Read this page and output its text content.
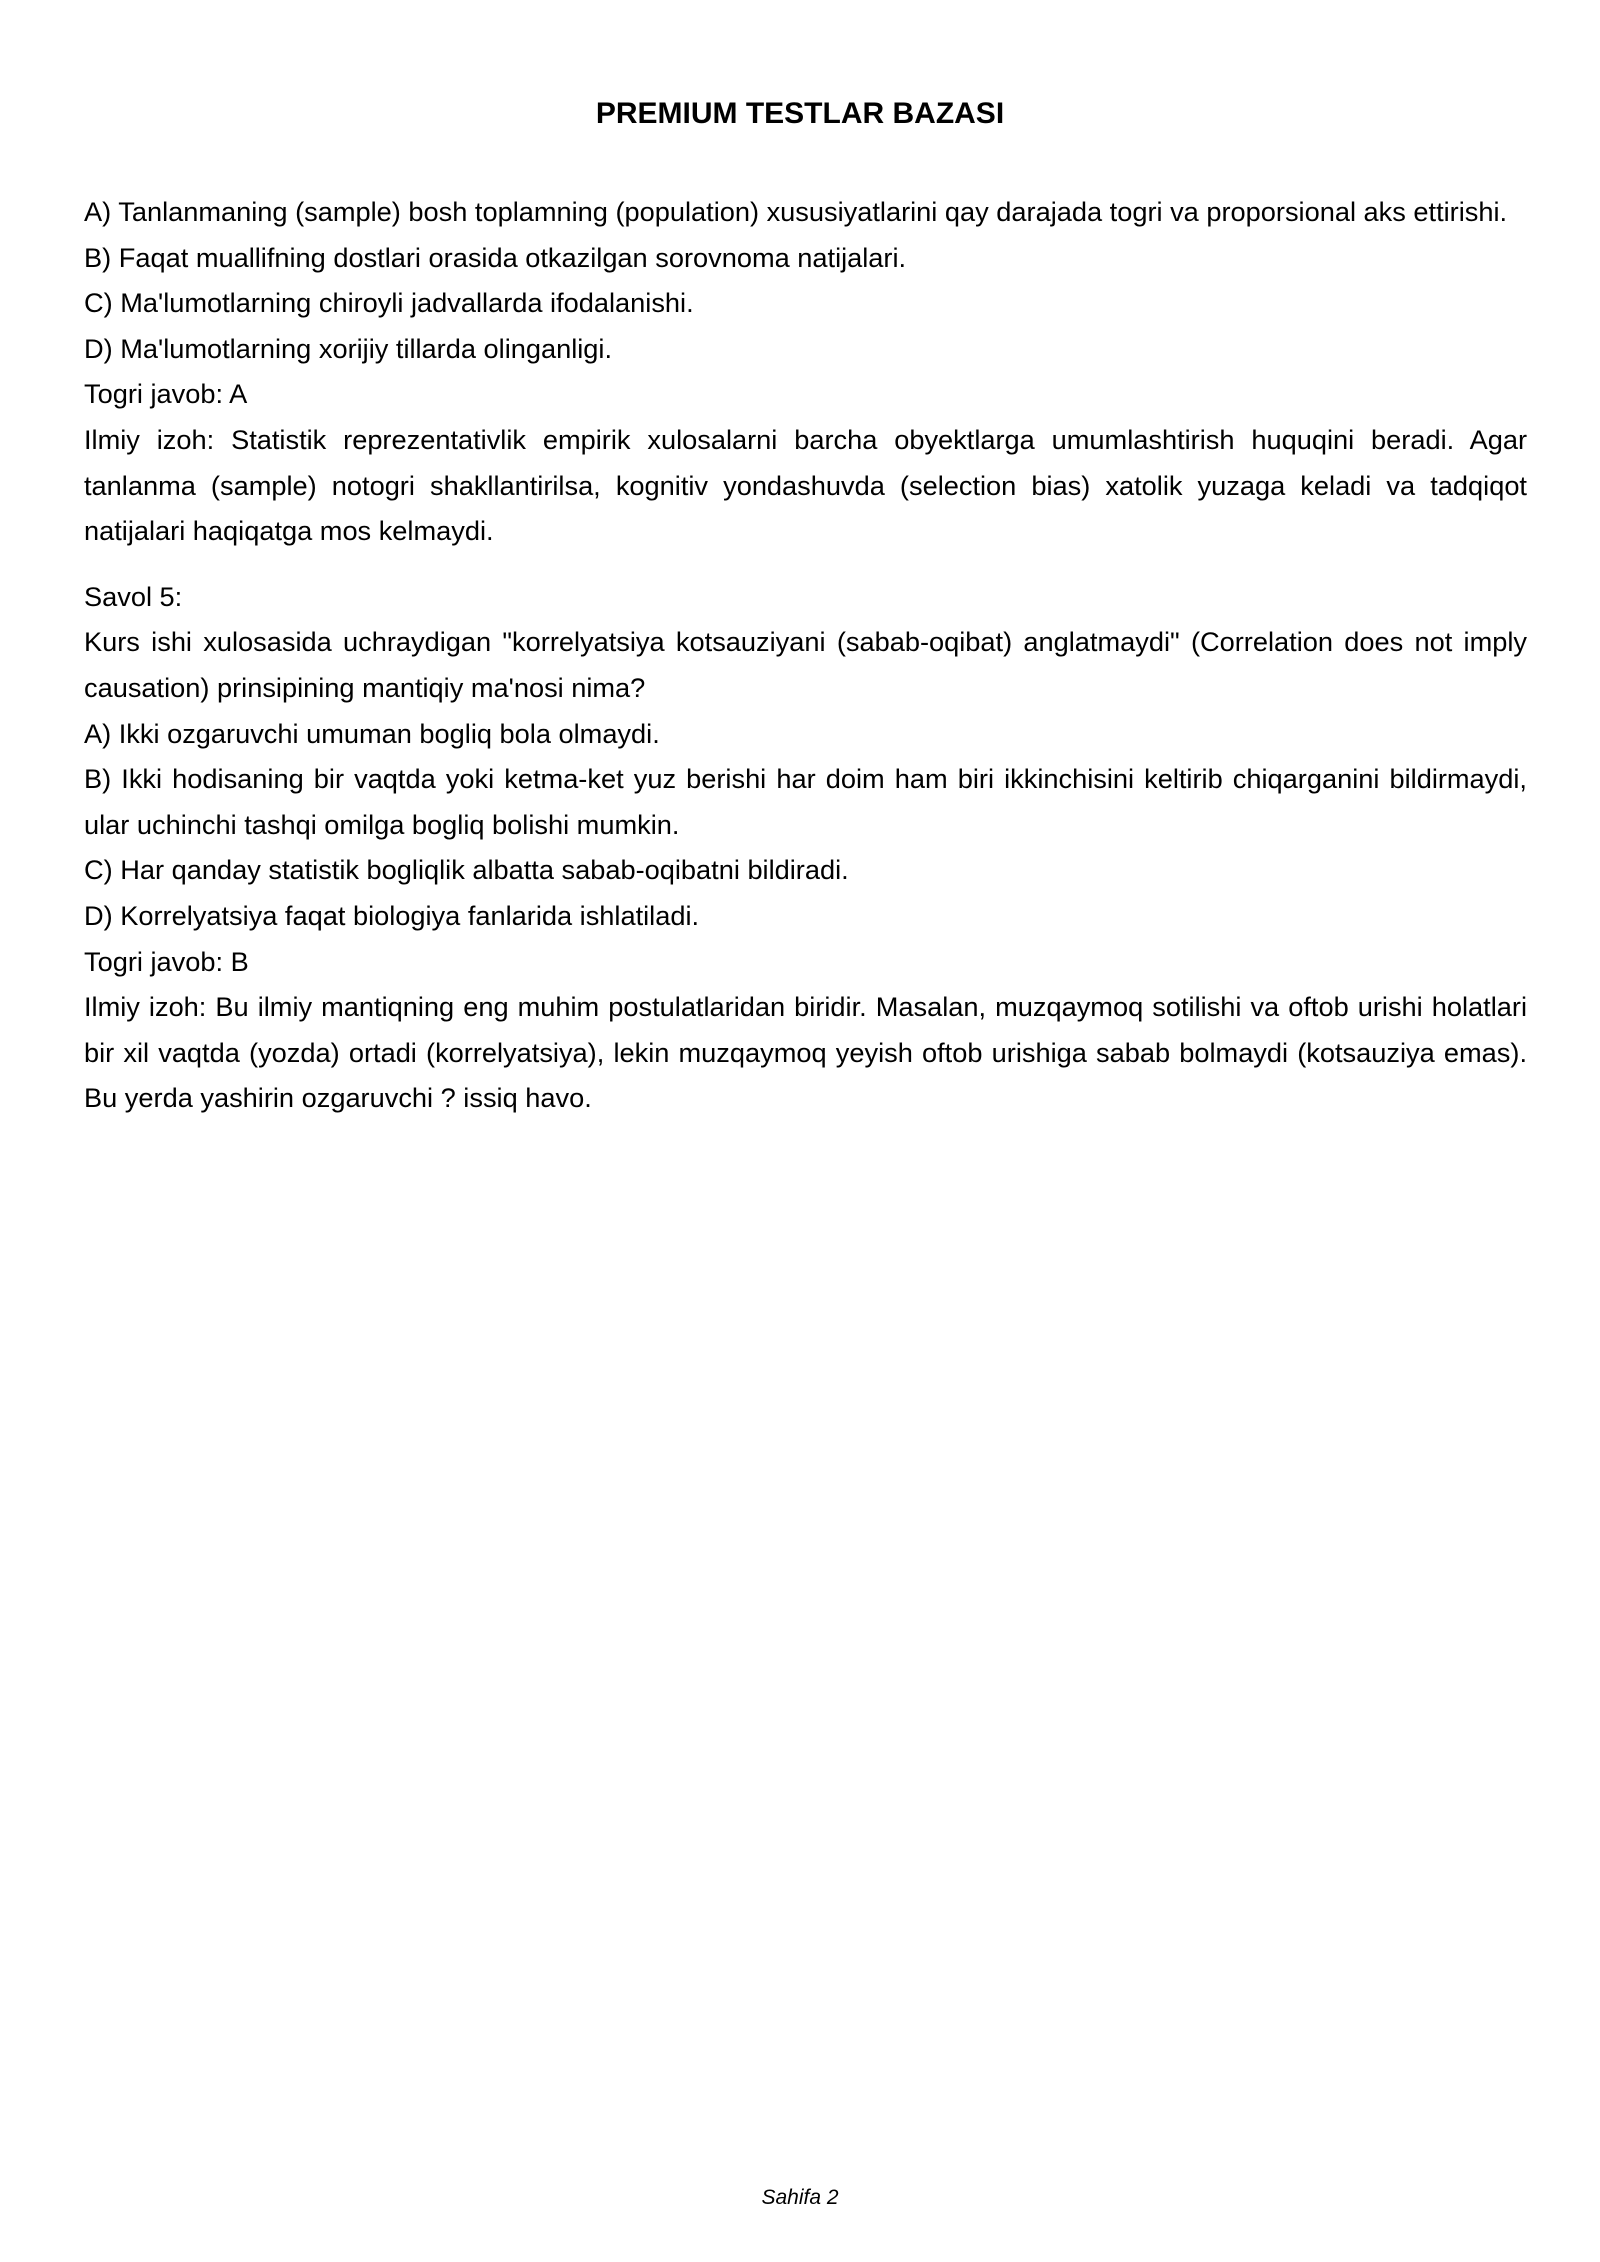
PREMIUM TESTLAR BAZASI

A) Tanlanmaning (sample) bosh toplamning (population) xususiyatlarini qay darajada togri va proporsional aks ettirishi.

B) Faqat muallifning dostlari orasida otkazilgan sorovnoma natijalari.

C) Ma'lumotlarning chiroyli jadvallarda ifodalanishi.

D) Ma'lumotlarning xorijiy tillarda olinganligi.

Togri javob: A

Ilmiy izoh: Statistik reprezentativlik empirik xulosalarni barcha obyektlarga umumlashtirish huquqini beradi. Agar tanlanma (sample) notogri shakllantirilsa, kognitiv yondashuvda (selection bias) xatolik yuzaga keladi va tadqiqot natijalari haqiqatga mos kelmaydi.

Savol 5:

Kurs ishi xulosasida uchraydigan "korrelyatsiya kotsauziyani (sabab-oqibat) anglatmaydi" (Correlation does not imply causation) prinsipining mantiqiy ma'nosi nima?

A) Ikki ozgaruvchi umuman bogliq bola olmaydi.

B) Ikki hodisaning bir vaqtda yoki ketma-ket yuz berishi har doim ham biri ikkinchisini keltirib chiqarganini bildirmaydi, ular uchinchi tashqi omilga bogliq bolishi mumkin.

C) Har qanday statistik bogliqlik albatta sabab-oqibatni bildiradi.

D) Korrelyatsiya faqat biologiya fanlarida ishlatiladi.

Togri javob: B

Ilmiy izoh: Bu ilmiy mantiqning eng muhim postulatlaridan biridir. Masalan, muzqaymoq sotilishi va oftob urishi holatlari bir xil vaqtda (yozda) ortadi (korrelyatsiya), lekin muzqaymoq yeyish oftob urishiga sabab bolmaydi (kotsauziya emas). Bu yerda yashirin ozgaruvchi ? issiq havo.

Sahifa 2
